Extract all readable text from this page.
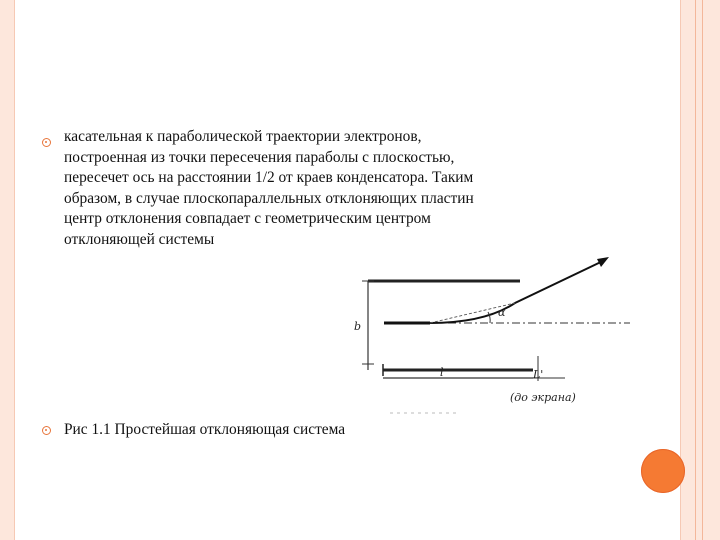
касательная к параболической траектории электронов,
построенная из точки пересечения параболы с плоскостью,
пересечет ось на расстоянии 1/2 от краев конденсатора. Таким
образом, в случае плоскопараллельных отклоняющих пластин
центр отклонения совпадает с геометрическим центром
отклоняющей системы

b
α
l	L'
(до экрана)
Рис 1.1 Простейшая отклоняющая система
